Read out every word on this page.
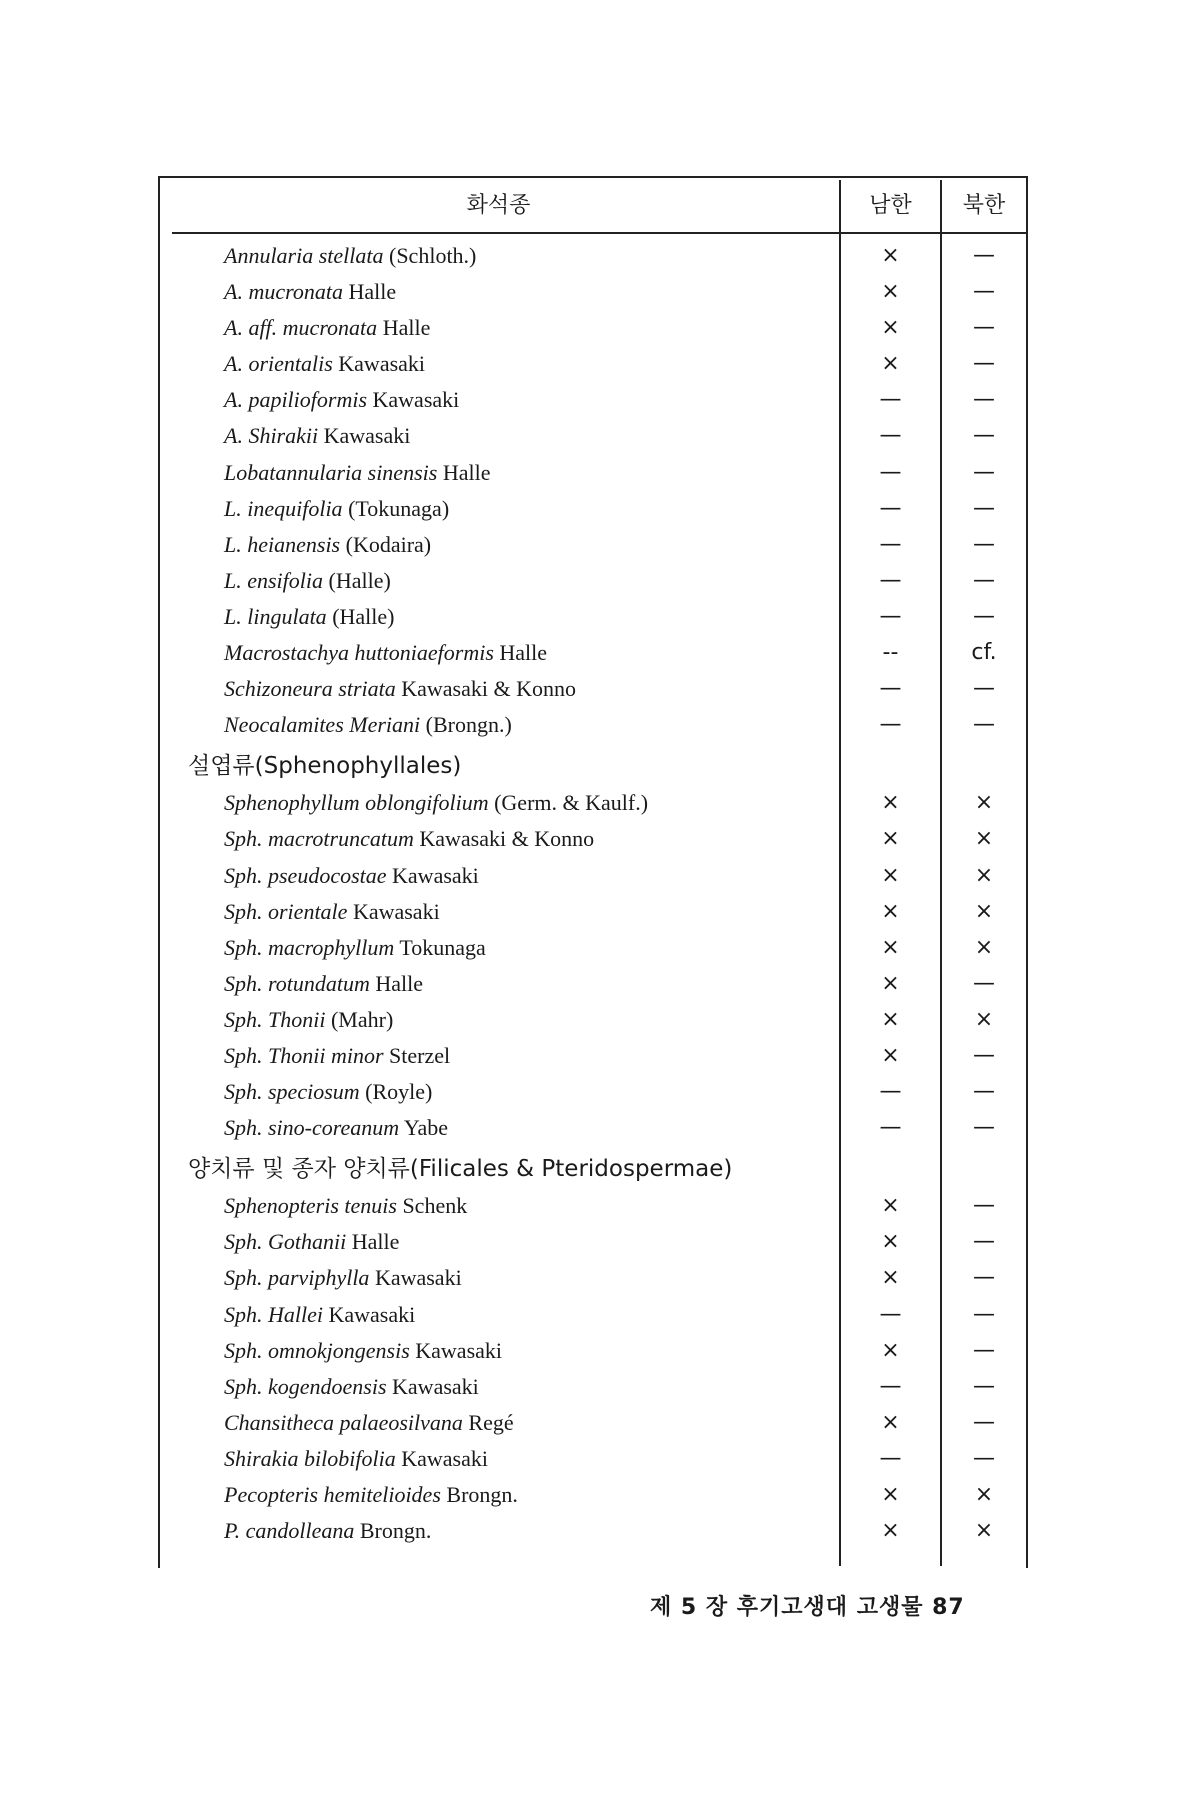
화석종	남한	북한
Annularia stellata (Schloth.)	×	—
A. mucronata Halle	×	—
A. aff. mucronata Halle	×	—
A. orientalis Kawasaki	×	—
A. papilioformis Kawasaki	—	—
A. Shirakii Kawasaki	—	—
Lobatannularia sinensis Halle	—	—
L. inequifolia (Tokunaga)	—	—
L. heianensis (Kodaira)	—	—
L. ensifolia (Halle)	—	—
L. lingulata (Halle)	—	—
Macrostachya huttoniaeformis Halle	--	cf.
Schizoneura striata Kawasaki & Konno	—	—
Neocalamites Meriani (Brongn.)	—	—
설엽류(Sphenophyllales)
Sphenophyllum oblongifolium (Germ. & Kaulf.)	×	×
Sph. macrotruncatum Kawasaki & Konno	×	×
Sph. pseudocostae Kawasaki	×	×
Sph. orientale Kawasaki	×	×
Sph. macrophyllum Tokunaga	×	×
Sph. rotundatum Halle	×	—
Sph. Thonii (Mahr)	×	×
Sph. Thonii minor Sterzel	×	—
Sph. speciosum (Royle)	—	—
Sph. sino-coreanum Yabe	—	—
양치류 및 종자 양치류(Filicales & Pteridospermae)
Sphenopteris tenuis Schenk	×	—
Sph. Gothanii Halle	×	—
Sph. parviphylla Kawasaki	×	—
Sph. Hallei Kawasaki	—	—
Sph. omnokjongensis Kawasaki	×	—
Sph. kogendoensis Kawasaki	—	—
Chansitheca palaeosilvana Regé	×	—
Shirakia bilobifolia Kawasaki	—	—
Pecopteris hemitelioides Brongn.	×	×
P. candolleana Brongn.	×	×
제 5 장 후기고생대 고생물 87
